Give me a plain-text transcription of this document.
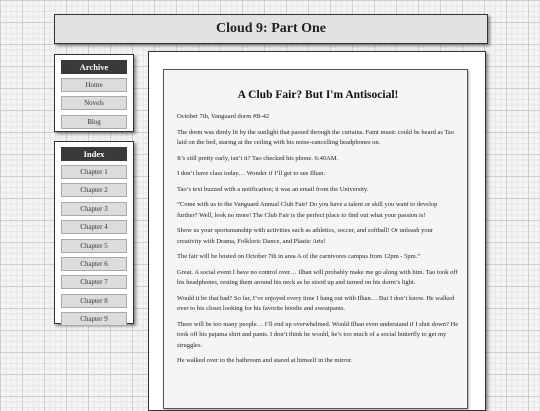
Cloud 9: Part One
Archive
Home
Novels
Blog
Index
Chapter 1
Chapter 2
Chapter 3
Chapter 4
Chapter 5
Chapter 6
Chapter 7
Chapter 8
Chapter 9
A Club Fair? But I'm Antisocial!

October 7th, Vanguard dorm #B-42

The dorm was dimly lit by the sunlight that passed through the curtains. Faint music could be heard as Tao laid on the bed, staring at the ceiling with his noise-cancelling headphones on.

It’s still pretty early, isn’t it? Tao checked his phone. 6:40AM.

I don’t have class today… Wonder if I’ll get to see Ilhan.

Tao’s text buzzed with a notification; it was an email from the University.

“Come with us to the Vanguard Annual Club Fair! Do you have a talent or skill you want to develop further? Well, look no more! The Club Fair is the perfect place to find out what your passion is!

Show us your sportsmanship with activities such as athletics, soccer, and softball! Or unleash your creativity with Drama, Folkloric Dance, and Plastic Arts!

The fair will be hosted on October 7th in area A of the carnivores campus from 12pm - 5pm.”

Great. A social event I have no control over… Ilhan will probably make me go along with him. Tao took off his headphones, resting them around his neck as he stood up and turned on his dorm’s light.

Would it be that bad? So far, I’ve enjoyed every time I hang out with Ilhan… But I don’t know. He walked over to his closet looking for his favorite hoodie and sweatpants.

There will be too many people… I’ll end up overwhelmed. Would Ilhan even understand if I shut down? He took off his pajama shirt and pants. I don’t think he would, he’s too much of a social butterfly to get my struggles.

He walked over to the bathroom and stared at himself in the mirror.
